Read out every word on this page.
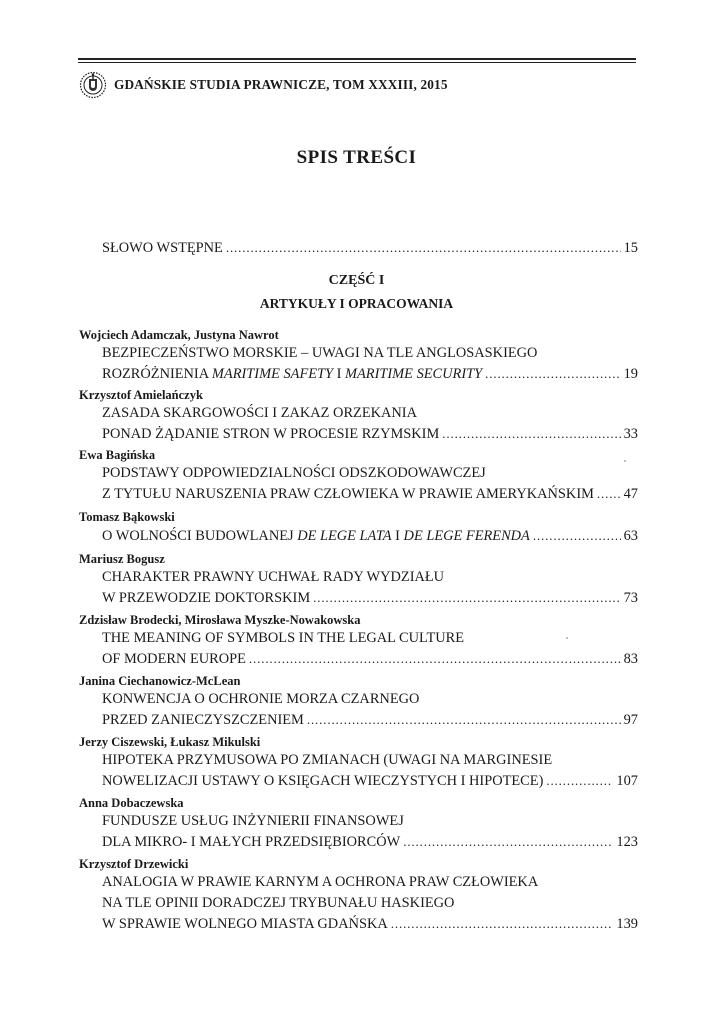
GDAŃSKIE STUDIA PRAWNICZE, TOM XXXIII, 2015
SPIS TREŚCI
SŁOWO WSTĘPNE . . .	15
CZĘŚĆ I
ARTYKUŁY I OPRACOWANIA
Wojciech Adamczak, Justyna Nawrot
BEZPIECZEŃSTWO MORSKIE – UWAGI NA TLE ANGLOSASKIEGO
ROZRÓŻNIENIA MARITIME SAFETY I MARITIME SECURITY . . .	19
Krzysztof Amielańczyk
ZASADA SKARGOWOŚCI I ZAKAZ ORZEKANIA
PONAD ŻĄDANIE STRON W PROCESIE RZYMSKIM . . .	33
Ewa Bagińska
PODSTAWY ODPOWIEDZIALNOŚCI ODSZKODOWAWCZEJ
Z TYTUŁU NARUSZENIA PRAW CZŁOWIEKA W PRAWIE AMERYKAŃSKIM . . . 47
Tomasz Bąkowski
O WOLNOŚCI BUDOWLANEJ DE LEGE LATA I DE LEGE FERENDA . . .	63
Mariusz Bogusz
CHARAKTER PRAWNY UCHWAŁ RADY WYDZIAŁU
W PRZEWODZIE DOKTORSKIM . . .	73
Zdzisław Brodecki, Mirosława Myszke-Nowakowska
THE MEANING OF SYMBOLS IN THE LEGAL CULTURE
OF MODERN EUROPE . . .	83
Janina Ciechanowicz-McLean
KONWENCJA O OCHRONIE MORZA CZARNEGO
PRZED ZANIECZYSZCZENIEM . . .	97
Jerzy Ciszewski, Łukasz Mikulski
HIPOTEKA PRZYMUSOWA PO ZMIANACH (UWAGI NA MARGINESIE
NOWELIZACJI USTAWY O KSIĘGACH WIECZYSTYCH I HIPOTECE) . . .	107
Anna Dobaczewska
FUNDUSZE USŁUG INŻYNIERII FINANSOWEJ
DLA MIKRO- I MAŁYCH PRZEDSIĘBIORCÓW . . .	123
Krzysztof Drzewicki
ANALOGIA W PRAWIE KARNYM A OCHRONA PRAW CZŁOWIEKA
NA TLE OPINII DORADCZEJ TRYBUNAŁU HASKIEGO
W SPRAWIE WOLNEGO MIASTA GDAŃSKA . . .	139
